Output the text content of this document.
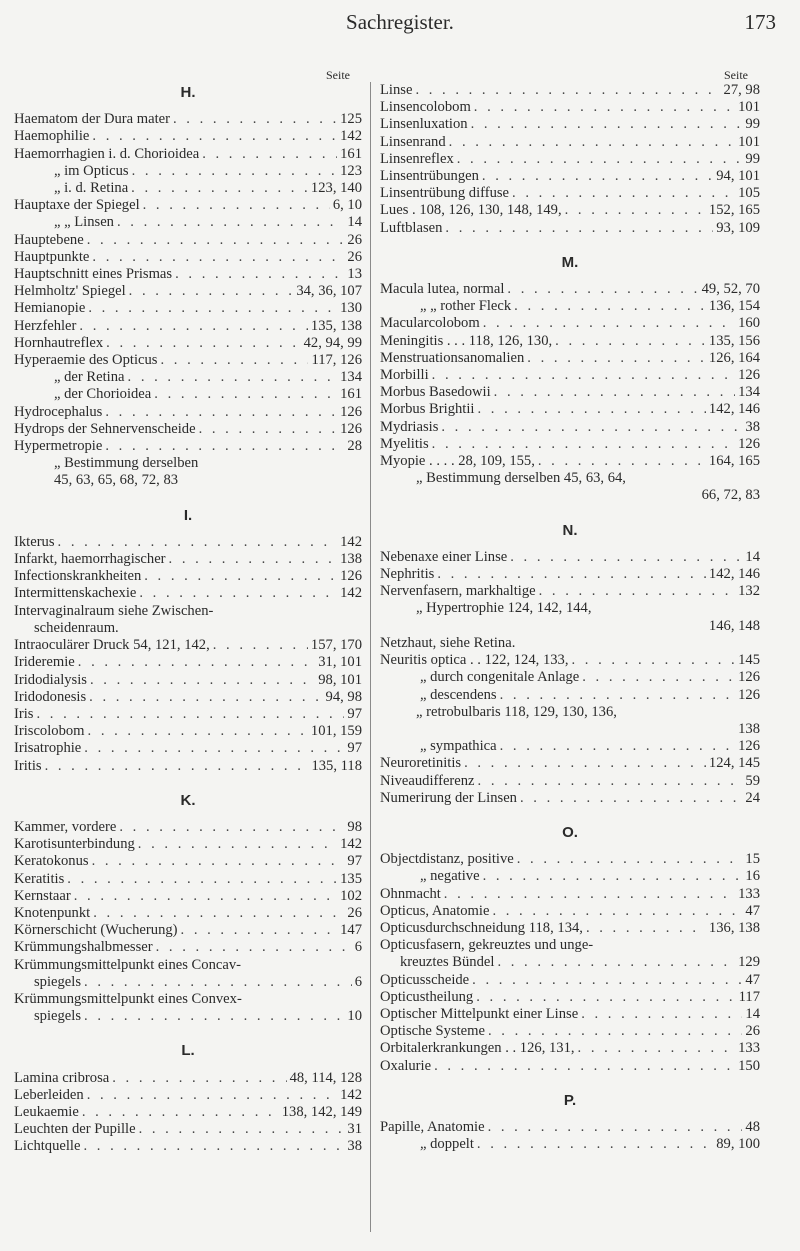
Sachregister.	173
Seite
H.
Haematom der Dura mater . . .	125
Haemophilie . . .	142
Haemorrhagien i. d. Chorioidea . . .	161
„ im Opticus . . .	123
„ i. d. Retina . . .	123, 140
Hauptaxe der Spiegel . . .	6, 10
„ „ Linsen . . .	14
Hauptebene . . .	26
Hauptpunkte . . .	26
Hauptschnitt eines Prismas . . .	13
Helmholtz' Spiegel . . .	34, 36, 107
Hemianopie . . .	130
Herzfehler . . .	135, 138
Hornhautreflex . . .	42, 94, 99
Hyperaemie des Opticus . . .	117, 126
„ der Retina . . .	134
„ der Chorioidea . . .	161
Hydrocephalus . . .	126
Hydrops der Sehnervenscheide . . .	126
Hypermetropie . . .	28
„ Bestimmung derselben
45, 63, 65, 68, 72, 83
I.
Ikterus . . .	142
Infarkt, haemorrhagischer . . .	138
Infectionskrankheiten . . .	126
Intermittenskachexie . . .	142
Intervaginalraum siehe Zwischen-
scheidenraum.
Intraoculärer Druck 54, 121, 142, . . .	157, 170
Irideremie . . .	31, 101
Iridodialysis . . .	98, 101
Iridodonesis . . .	94, 98
Iris . . .	97
Iriscolobom . . .	101, 159
Irisatrophie . . .	97
Iritis . . .	135, 118
K.
Kammer, vordere . . .	98
Karotisunterbindung . . .	142
Keratokonus . . .	97
Keratitis . . .	135
Kernstaar . . .	102
Knotenpunkt . . .	26
Körnerschicht (Wucherung) . . .	147
Krümmungshalbmesser . . .	6
Krümmungsmittelpunkt eines Concav-
spiegels . . .	6
Krümmungsmittelpunkt eines Convex-
spiegels . . .	10
L.
Lamina cribrosa . . .	48, 114, 128
Leberleiden . . .	142
Leukaemie . . .	138, 142, 149
Leuchten der Pupille . . .	31
Lichtquelle . . .	38
Seite
Linse . . .	27, 98
Linsencolobom . . .	101
Linsenluxation . . .	99
Linsenrand . . .	101
Linsenreflex . . .	99
Linsentrübungen . . .	94, 101
Linsentrübung diffuse . . .	105
Lues . 108, 126, 130, 148, 149, . . .	152, 165
Luftblasen . . .	93, 109
M.
Macula lutea, normal . . .	49, 52, 70
„ „ rother Fleck . . .	136, 154
Macularcolobom . . .	160
Meningitis . . . 118, 126, 130, . . .	135, 156
Menstruationsanomalien . . .	126, 164
Morbilli . . .	126
Morbus Basedowii . . .	134
Morbus Brightii . . .	142, 146
Mydriasis . . .	38
Myelitis . . .	126
Myopie . . . . 28, 109, 155, . . .	164, 165
„ Bestimmung derselben 45, 63, 64,
66, 72, 83
N.
Nebenaxe einer Linse . . .	14
Nephritis . . .	142, 146
Nervenfasern, markhaltige . . .	132
„ Hypertrophie 124, 142, 144,
146, 148
Netzhaut, siehe Retina.
Neuritis optica . . 122, 124, 133, . . .	145
„ durch congenitale Anlage . . .	126
„ descendens . . .	126
„ retrobulbaris 118, 129, 130, 136,
138
„ sympathica . . .	126
Neuroretinitis . . .	124, 145
Niveaudifferenz . . .	59
Numerirung der Linsen . . .	24
O.
Objectdistanz, positive . . .	15
„ negative . . .	16
Ohnmacht . . .	133
Opticus, Anatomie . . .	47
Opticusdurchschneidung 118, 134, . . .	136, 138
Opticusfasern, gekreuztes und unge-
kreuztes Bündel . . .	129
Opticusscheide . . .	47
Opticustheilung . . .	117
Optischer Mittelpunkt einer Linse . . .	14
Optische Systeme . . .	26
Orbitalerkrankungen . . 126, 131, . . .	133
Oxalurie . . .	150
P.
Papille, Anatomie . . .	48
„ doppelt . . .	89, 100
